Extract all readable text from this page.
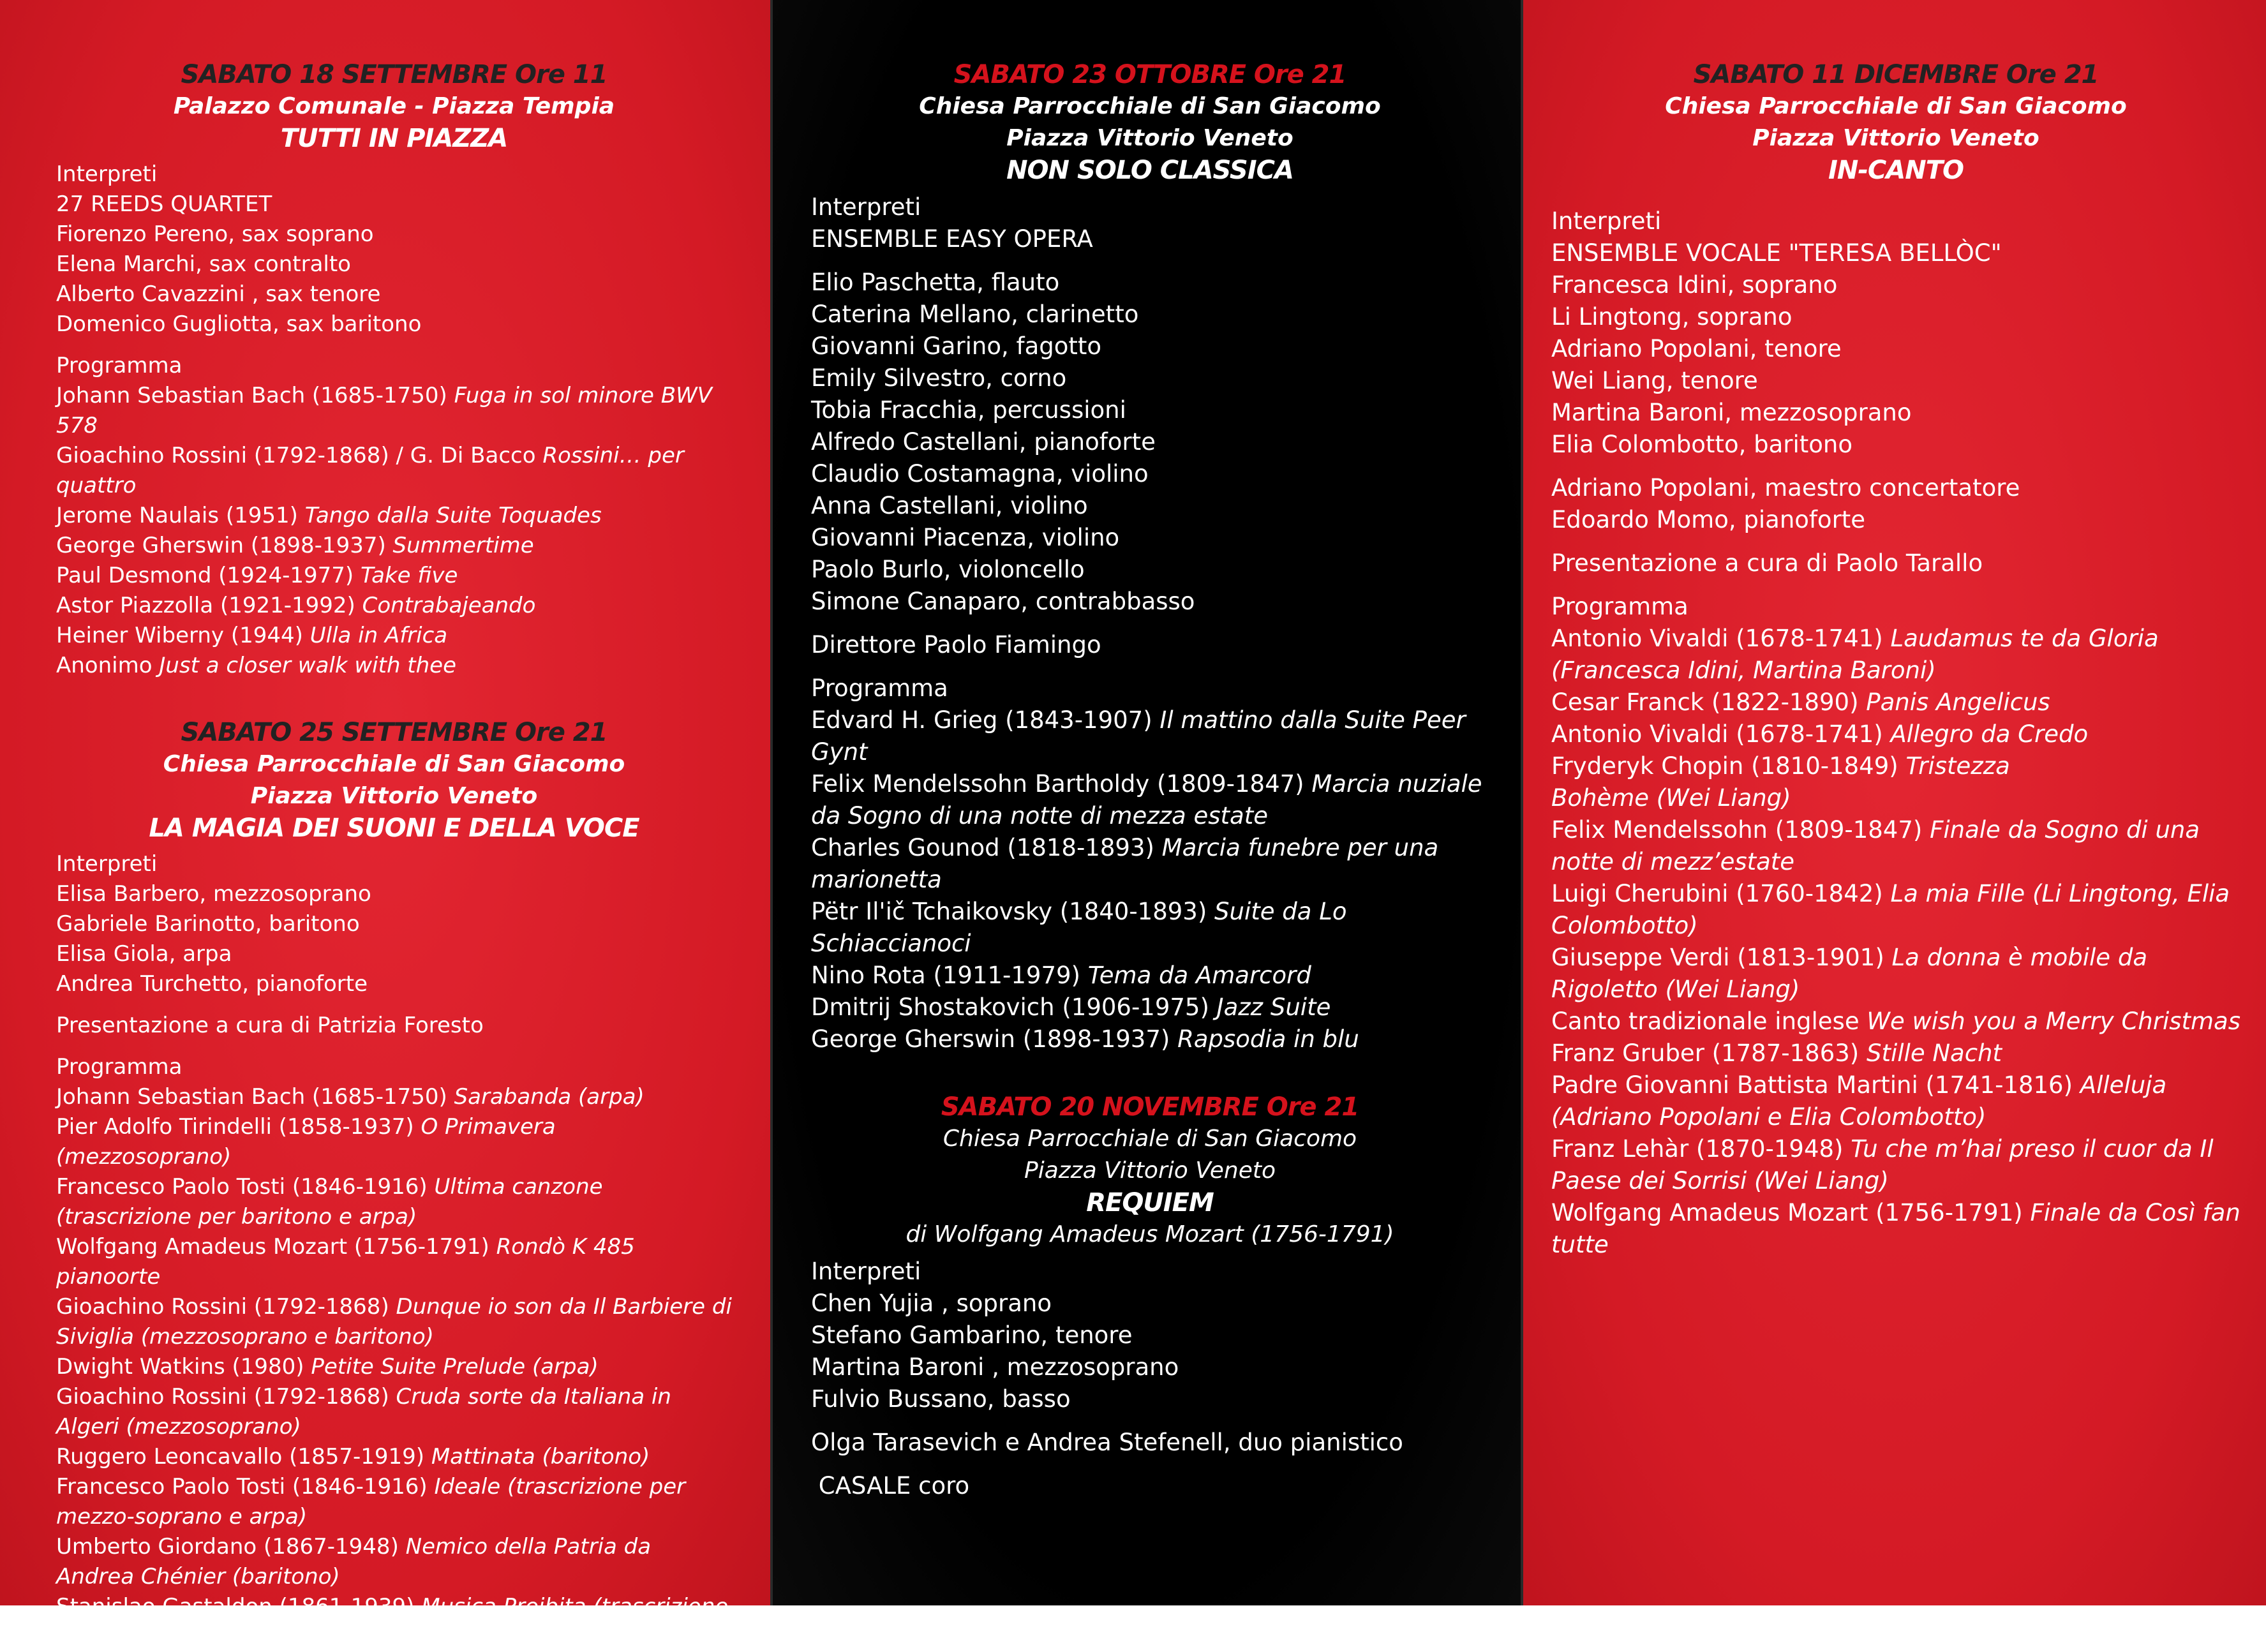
SABATO 18 SETTEMBRE Ore 11
Palazzo Comunale - Piazza Tempia
TUTTI IN PIAZZA

Interpreti

27 REEDS QUARTET

Fiorenzo Pereno, sax soprano

Elena Marchi, sax contralto

Alberto Cavazzini , sax tenore

Domenico Gugliotta, sax baritono

Programma

Johann Sebastian Bach (1685-1750) Fuga in sol minore BWV 578

Gioachino Rossini (1792-1868) / G. Di Bacco Rossini… per quattro

Jerome Naulais (1951) Tango dalla Suite Toquades

George Gherswin (1898-1937) Summertime

Paul Desmond (1924-1977) Take five

Astor Piazzolla (1921-1992) Contrabajeando

Heiner Wiberny (1944) Ulla in Africa

Anonimo Just a closer walk with thee

SABATO 25 SETTEMBRE Ore 21
Chiesa Parrocchiale di San Giacomo
Piazza Vittorio Veneto
LA MAGIA DEI SUONI E DELLA VOCE

Interpreti

Elisa Barbero, mezzosoprano

Gabriele Barinotto, baritono

Elisa Giola, arpa

Andrea Turchetto, pianoforte

Presentazione a cura di Patrizia Foresto

Programma

Johann Sebastian Bach (1685-1750) Sarabanda (arpa)

Pier Adolfo Tirindelli (1858-1937) O Primavera (mezzosoprano)

Francesco Paolo Tosti (1846-1916) Ultima canzone (trascrizione per baritono e arpa)

Wolfgang Amadeus Mozart (1756-1791) Rondò K 485 pianoorte

Gioachino Rossini (1792-1868) Dunque io son da Il Barbiere di Siviglia (mezzosoprano e baritono)

Dwight Watkins (1980) Petite Suite Prelude (arpa)

Gioachino Rossini (1792-1868) Cruda sorte da Italiana in Algeri (mezzosoprano)

Ruggero Leoncavallo (1857-1919) Mattinata (baritono)

Francesco Paolo Tosti (1846-1916) Ideale (trascrizione per mezzo-soprano e arpa)

Umberto Giordano (1867-1948) Nemico della Patria da Andrea Chénier (baritono)

Stanislao Gastaldon (1861-1939) Musica Proibita (trascrizione per mezzosoprano, baritono e arpa)

SABATO 23 OTTOBRE Ore 21
Chiesa Parrocchiale di San Giacomo
Piazza Vittorio Veneto
NON SOLO CLASSICA

Interpreti

ENSEMBLE EASY OPERA

Elio Paschetta, flauto

Caterina Mellano, clarinetto

Giovanni Garino, fagotto

Emily Silvestro, corno

Tobia Fracchia, percussioni

Alfredo Castellani, pianoforte

Claudio Costamagna, violino

Anna Castellani, violino

Giovanni Piacenza, violino

Paolo Burlo, violoncello

Simone Canaparo, contrabbasso

Direttore Paolo Fiamingo

Programma

Edvard H. Grieg (1843-1907) Il mattino dalla Suite Peer Gynt

Felix Mendelssohn Bartholdy (1809-1847) Marcia nuziale da Sogno di una notte di mezza estate

Charles Gounod (1818-1893) Marcia funebre per una marionetta

Pëtr Il'ič Tchaikovsky (1840-1893) Suite da Lo Schiaccianoci

Nino Rota (1911-1979) Tema da Amarcord

Dmitrij Shostakovich (1906-1975) Jazz Suite

George Gherswin (1898-1937) Rapsodia in blu

SABATO 20 NOVEMBRE Ore 21
Chiesa Parrocchiale di San Giacomo
Piazza Vittorio Veneto
REQUIEM
di Wolfgang Amadeus Mozart (1756-1791)

Interpreti

Chen Yujia , soprano

Stefano Gambarino, tenore

Martina Baroni , mezzosoprano

Fulvio Bussano, basso

Olga Tarasevich e Andrea Stefenell, duo pianistico

CASALE coro

SABATO 11 DICEMBRE Ore 21
Chiesa Parrocchiale di San Giacomo
Piazza Vittorio Veneto
IN-CANTO

Interpreti

ENSEMBLE VOCALE "TERESA BELLÒC"

Francesca Idini, soprano

Li Lingtong, soprano

Adriano Popolani, tenore

Wei Liang, tenore

Martina Baroni, mezzosoprano

Elia Colombotto, baritono

Adriano Popolani, maestro concertatore

Edoardo Momo, pianoforte

Presentazione a cura di Paolo Tarallo

Programma

Antonio Vivaldi (1678-1741) Laudamus te da Gloria (Francesca Idini, Martina Baroni)

Cesar Franck (1822-1890) Panis Angelicus

Antonio Vivaldi (1678-1741) Allegro da Credo

Fryderyk Chopin (1810-1849) Tristezza

Bohème (Wei Liang)

Felix Mendelssohn (1809-1847) Finale da Sogno di una notte di mezz’estate

Luigi Cherubini (1760-1842) La mia Fille (Li Lingtong, Elia Colombotto)

Giuseppe Verdi (1813-1901) La donna è mobile da Rigoletto (Wei Liang)

Canto tradizionale inglese We wish you a Merry Christmas

Franz Gruber (1787-1863) Stille Nacht

Padre Giovanni Battista Martini (1741-1816) Alleluja (Adriano Popolani e Elia Colombotto)

Franz Lehàr (1870-1948) Tu che m’hai preso il cuor da Il Paese dei Sorrisi (Wei Liang)

Wolfgang Amadeus Mozart (1756-1791) Finale da Così fan tutte
